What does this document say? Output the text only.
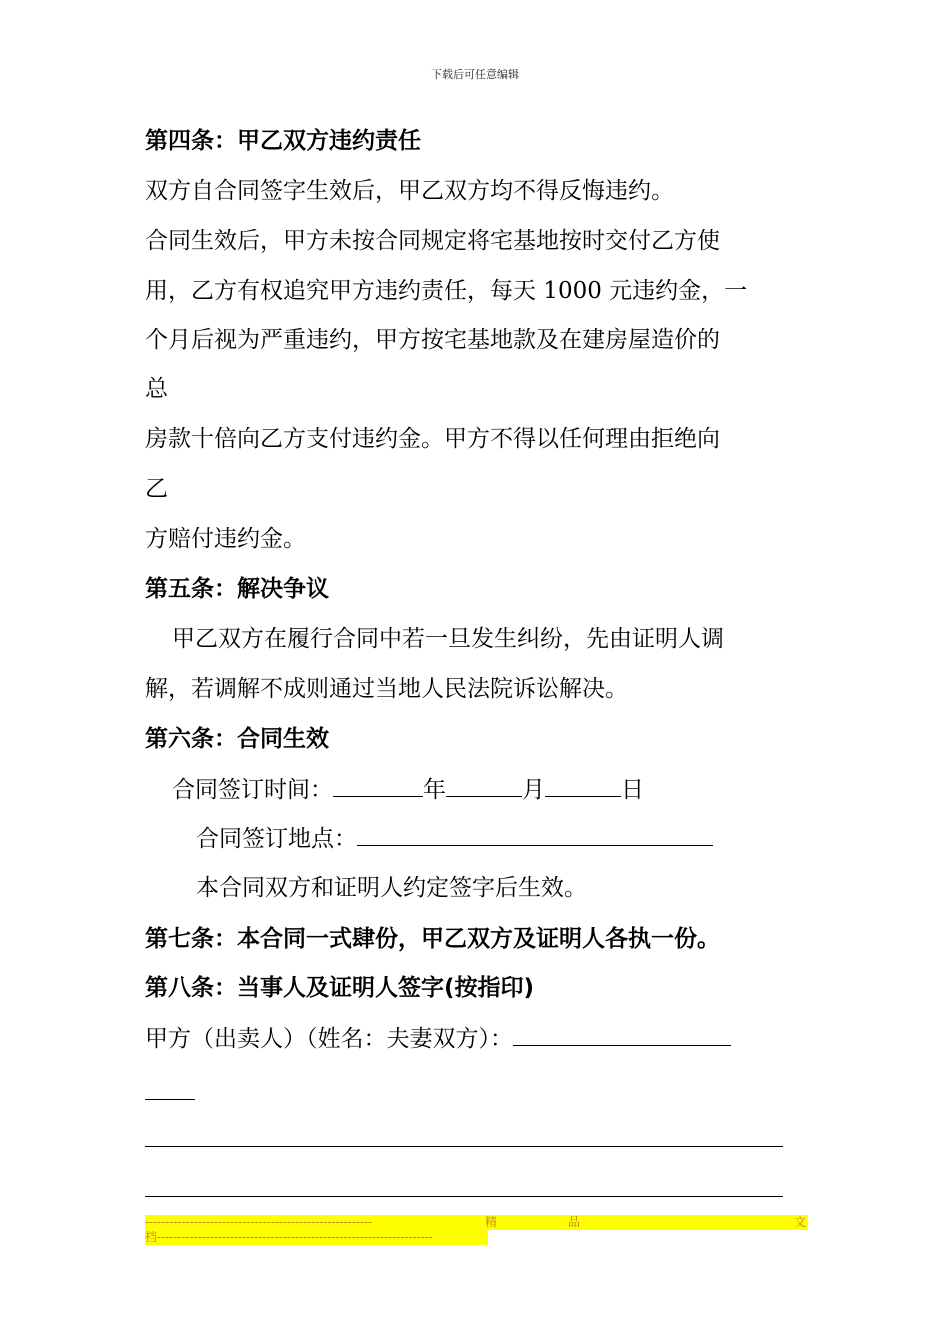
下载后可任意编辑
第四条：甲乙双方违约责任
双方自合同签字生效后，甲乙双方均不得反悔违约。
合同生效后，甲方未按合同规定将宅基地按时交付乙方使
用，乙方有权追究甲方违约责任，每天 1000 元违约金，一
个月后视为严重违约，甲方按宅基地款及在建房屋造价的
总
房款十倍向乙方支付违约金。甲方不得以任何理由拒绝向
乙
方赔付违约金。
第五条：解决争议
甲乙双方在履行合同中若一旦发生纠纷，先由证明人调
解，若调解不成则通过当地人民法院诉讼解决。
第六条：合同生效
合同签订时间：	年	月	日
合同签订地点：
本合同双方和证明人约定签字后生效。
第七条：本合同一式肆份，甲乙双方及证明人各执一份。
第八条：当事人及证明人签字(按指印)
甲方（出卖人）（姓名：夫妻双方）：
--------------------------------------------------------	精	品	文
档--------------------------------------------------------------------
